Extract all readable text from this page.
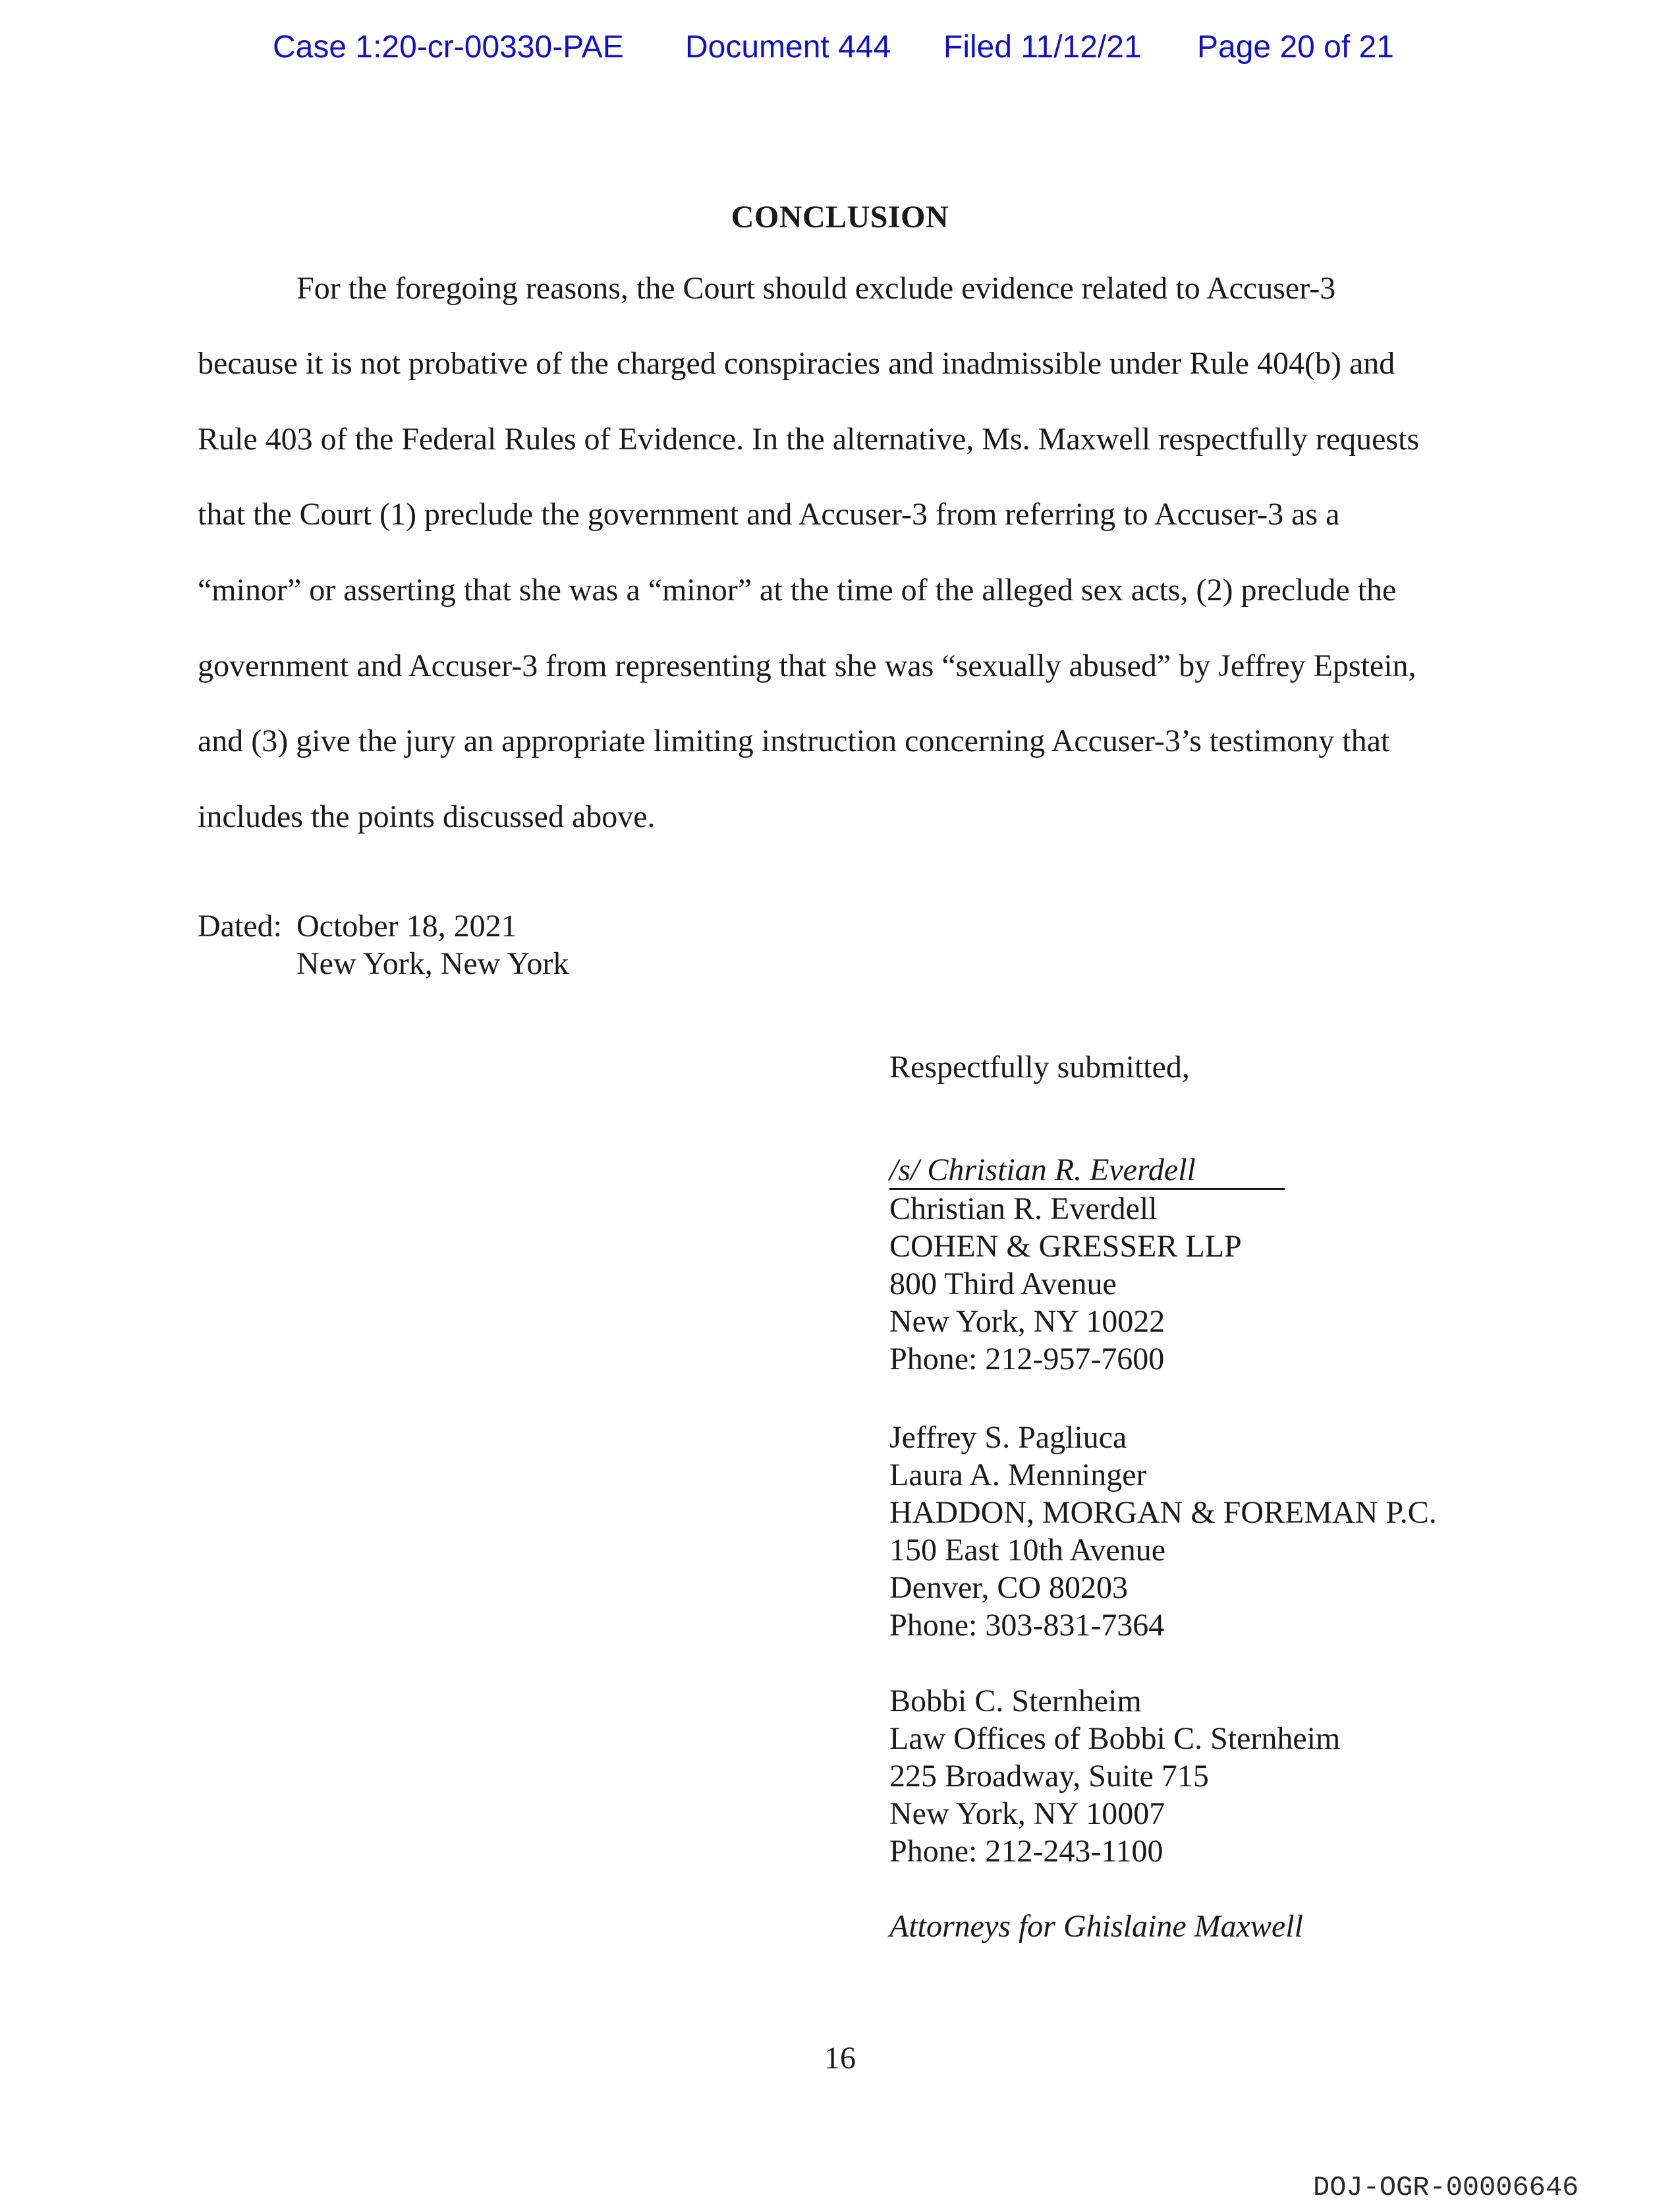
Case 1:20-cr-00330-PAE Document 444 Filed 11/12/21 Page 20 of 21
CONCLUSION
For the foregoing reasons, the Court should exclude evidence related to Accuser-3
because it is not probative of the charged conspiracies and inadmissible under Rule 404(b) and
Rule 403 of the Federal Rules of Evidence. In the alternative, Ms. Maxwell respectfully requests
that the Court (1) preclude the government and Accuser-3 from referring to Accuser-3 as a
“minor” or asserting that she was a “minor” at the time of the alleged sex acts, (2) preclude the
government and Accuser-3 from representing that she was “sexually abused” by Jeffrey Epstein,
and (3) give the jury an appropriate limiting instruction concerning Accuser-3’s testimony that
includes the points discussed above.
Dated: October 18, 2021
New York, New York
Respectfully submitted,
/s/ Christian R. Everdell
Christian R. Everdell
COHEN & GRESSER LLP
800 Third Avenue
New York, NY 10022
Phone: 212-957-7600
Jeffrey S. Pagliuca
Laura A. Menninger
HADDON, MORGAN & FOREMAN P.C.
150 East 10th Avenue
Denver, CO 80203
Phone: 303-831-7364
Bobbi C. Sternheim
Law Offices of Bobbi C. Sternheim
225 Broadway, Suite 715
New York, NY 10007
Phone: 212-243-1100
Attorneys for Ghislaine Maxwell
16
DOJ-OGR-00006646
